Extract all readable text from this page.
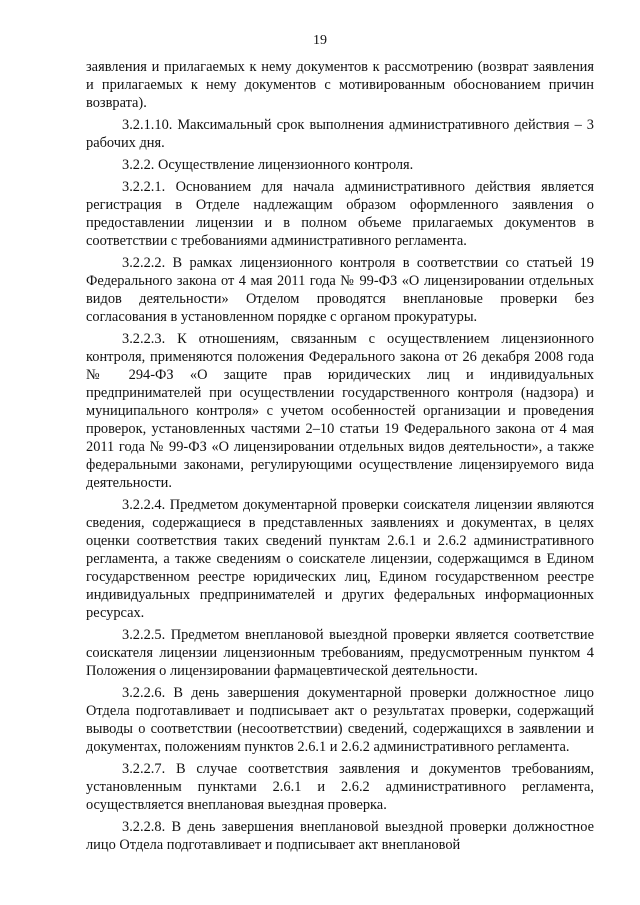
19

заявления и прилагаемых к нему документов к рассмотрению (возврат заявления и прилагаемых к нему документов с мотивированным обоснованием причин возврата).

3.2.1.10. Максимальный срок выполнения административного действия – 3 рабочих дня.

3.2.2. Осуществление лицензионного контроля.

3.2.2.1. Основанием для начала административного действия является регистрация в Отделе надлежащим образом оформленного заявления о предоставлении лицензии и в полном объеме прилагаемых документов в соответствии с требованиями административного регламента.

3.2.2.2. В рамках лицензионного контроля в соответствии со статьей 19 Федерального закона от 4 мая 2011 года № 99-ФЗ «О лицензировании отдельных видов деятельности» Отделом проводятся внеплановые проверки без согласования в установленном порядке с органом прокуратуры.

3.2.2.3. К отношениям, связанным с осуществлением лицензионного контроля, применяются положения Федерального закона от 26 декабря 2008 года № 294-ФЗ «О защите прав юридических лиц и индивидуальных предпринимателей при осуществлении государственного контроля (надзора) и муниципального контроля» с учетом особенностей организации и проведения проверок, установленных частями 2–10 статьи 19 Федерального закона от 4 мая 2011 года № 99-ФЗ «О лицензировании отдельных видов деятельности», а также федеральными законами, регулирующими осуществление лицензируемого вида деятельности.

3.2.2.4. Предметом документарной проверки соискателя лицензии являются сведения, содержащиеся в представленных заявлениях и документах, в целях оценки соответствия таких сведений пунктам 2.6.1 и 2.6.2 административного регламента, а также сведениям о соискателе лицензии, содержащимся в Едином государственном реестре юридических лиц, Едином государственном реестре индивидуальных предпринимателей и других федеральных информационных ресурсах.

3.2.2.5. Предметом внеплановой выездной проверки является соответствие соискателя лицензии лицензионным требованиям, предусмотренным пунктом 4 Положения о лицензировании фармацевтической деятельности.

3.2.2.6. В день завершения документарной проверки должностное лицо Отдела подготавливает и подписывает акт о результатах проверки, содержащий выводы о соответствии (несоответствии) сведений, содержащихся в заявлении и документах, положениям пунктов 2.6.1 и 2.6.2 административного регламента.

3.2.2.7. В случае соответствия заявления и документов требованиям, установленным пунктами 2.6.1 и 2.6.2 административного регламента, осуществляется внеплановая выездная проверка.

3.2.2.8. В день завершения внеплановой выездной проверки должностное лицо Отдела подготавливает и подписывает акт внеплановой
